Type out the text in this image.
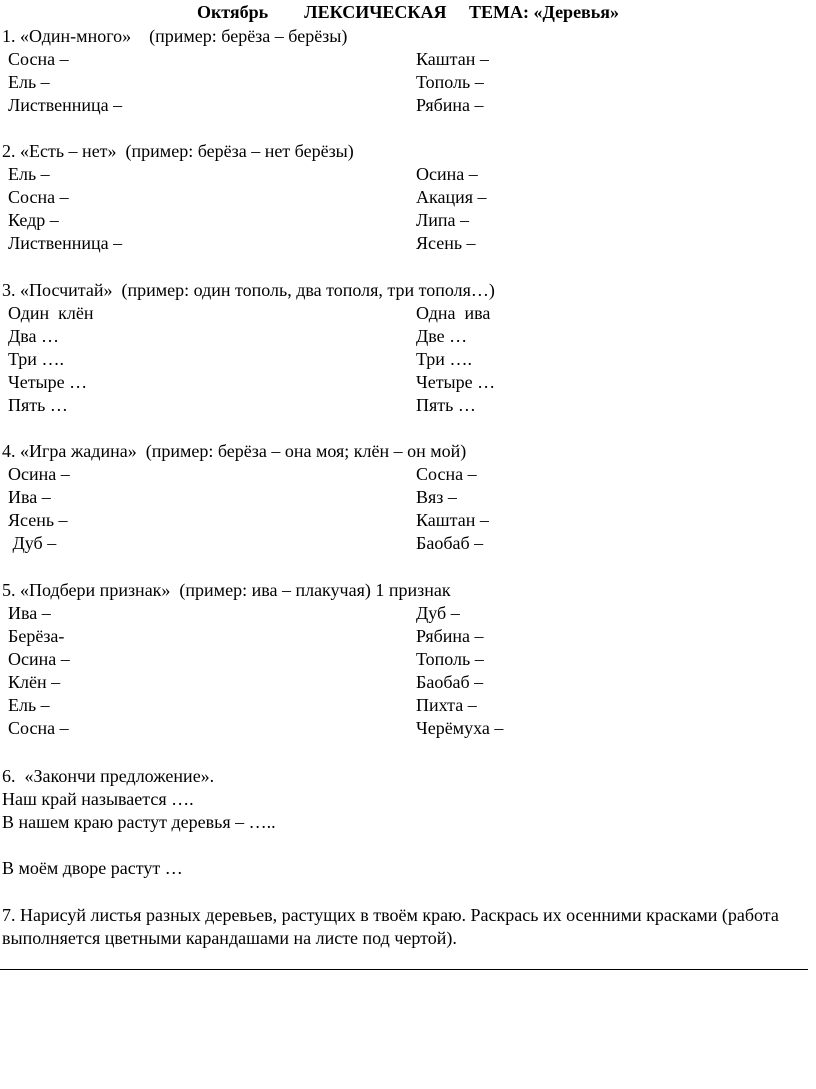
Октябрь        ЛЕКСИЧЕСКАЯ     ТЕМА: «Деревья»
1. «Один-много»    (пример: берёза – берёзы)
Сосна –	Каштан –
Ель –	Тополь –
Лиственница –	Рябина –
2. «Есть – нет»  (пример: берёза – нет берёзы)
Ель –	Осина –
Сосна –	Акация –
Кедр –	Липа –
Лиственница –	Ясень –
3. «Посчитай»  (пример: один тополь, два тополя, три тополя…)
Один  клён	Одна  ива
Два …	Две …
Три ….	Три ….
Четыре …	Четыре …
Пять …	Пять …
4. «Игра жадина»  (пример: берёза – она моя; клён – он мой)
Осина –	Сосна –
Ива –	Вяз –
Ясень –	Каштан –
Дуб –	Баобаб –
5. «Подбери признак»  (пример: ива – плакучая) 1 признак
Ива –	Дуб –
Берёза-	Рябина –
Осина –	Тополь –
Клён –	Баобаб –
Ель –	Пихта –
Сосна –	Черёмуха –
6.  «Закончи предложение».
Наш край называется ….
В нашем краю растут деревья – …..
В моём дворе растут …
7. Нарисуй листья разных деревьев, растущих в твоём краю. Раскрась их осенними красками (работа выполняется цветными карандашами на листе под чертой).
